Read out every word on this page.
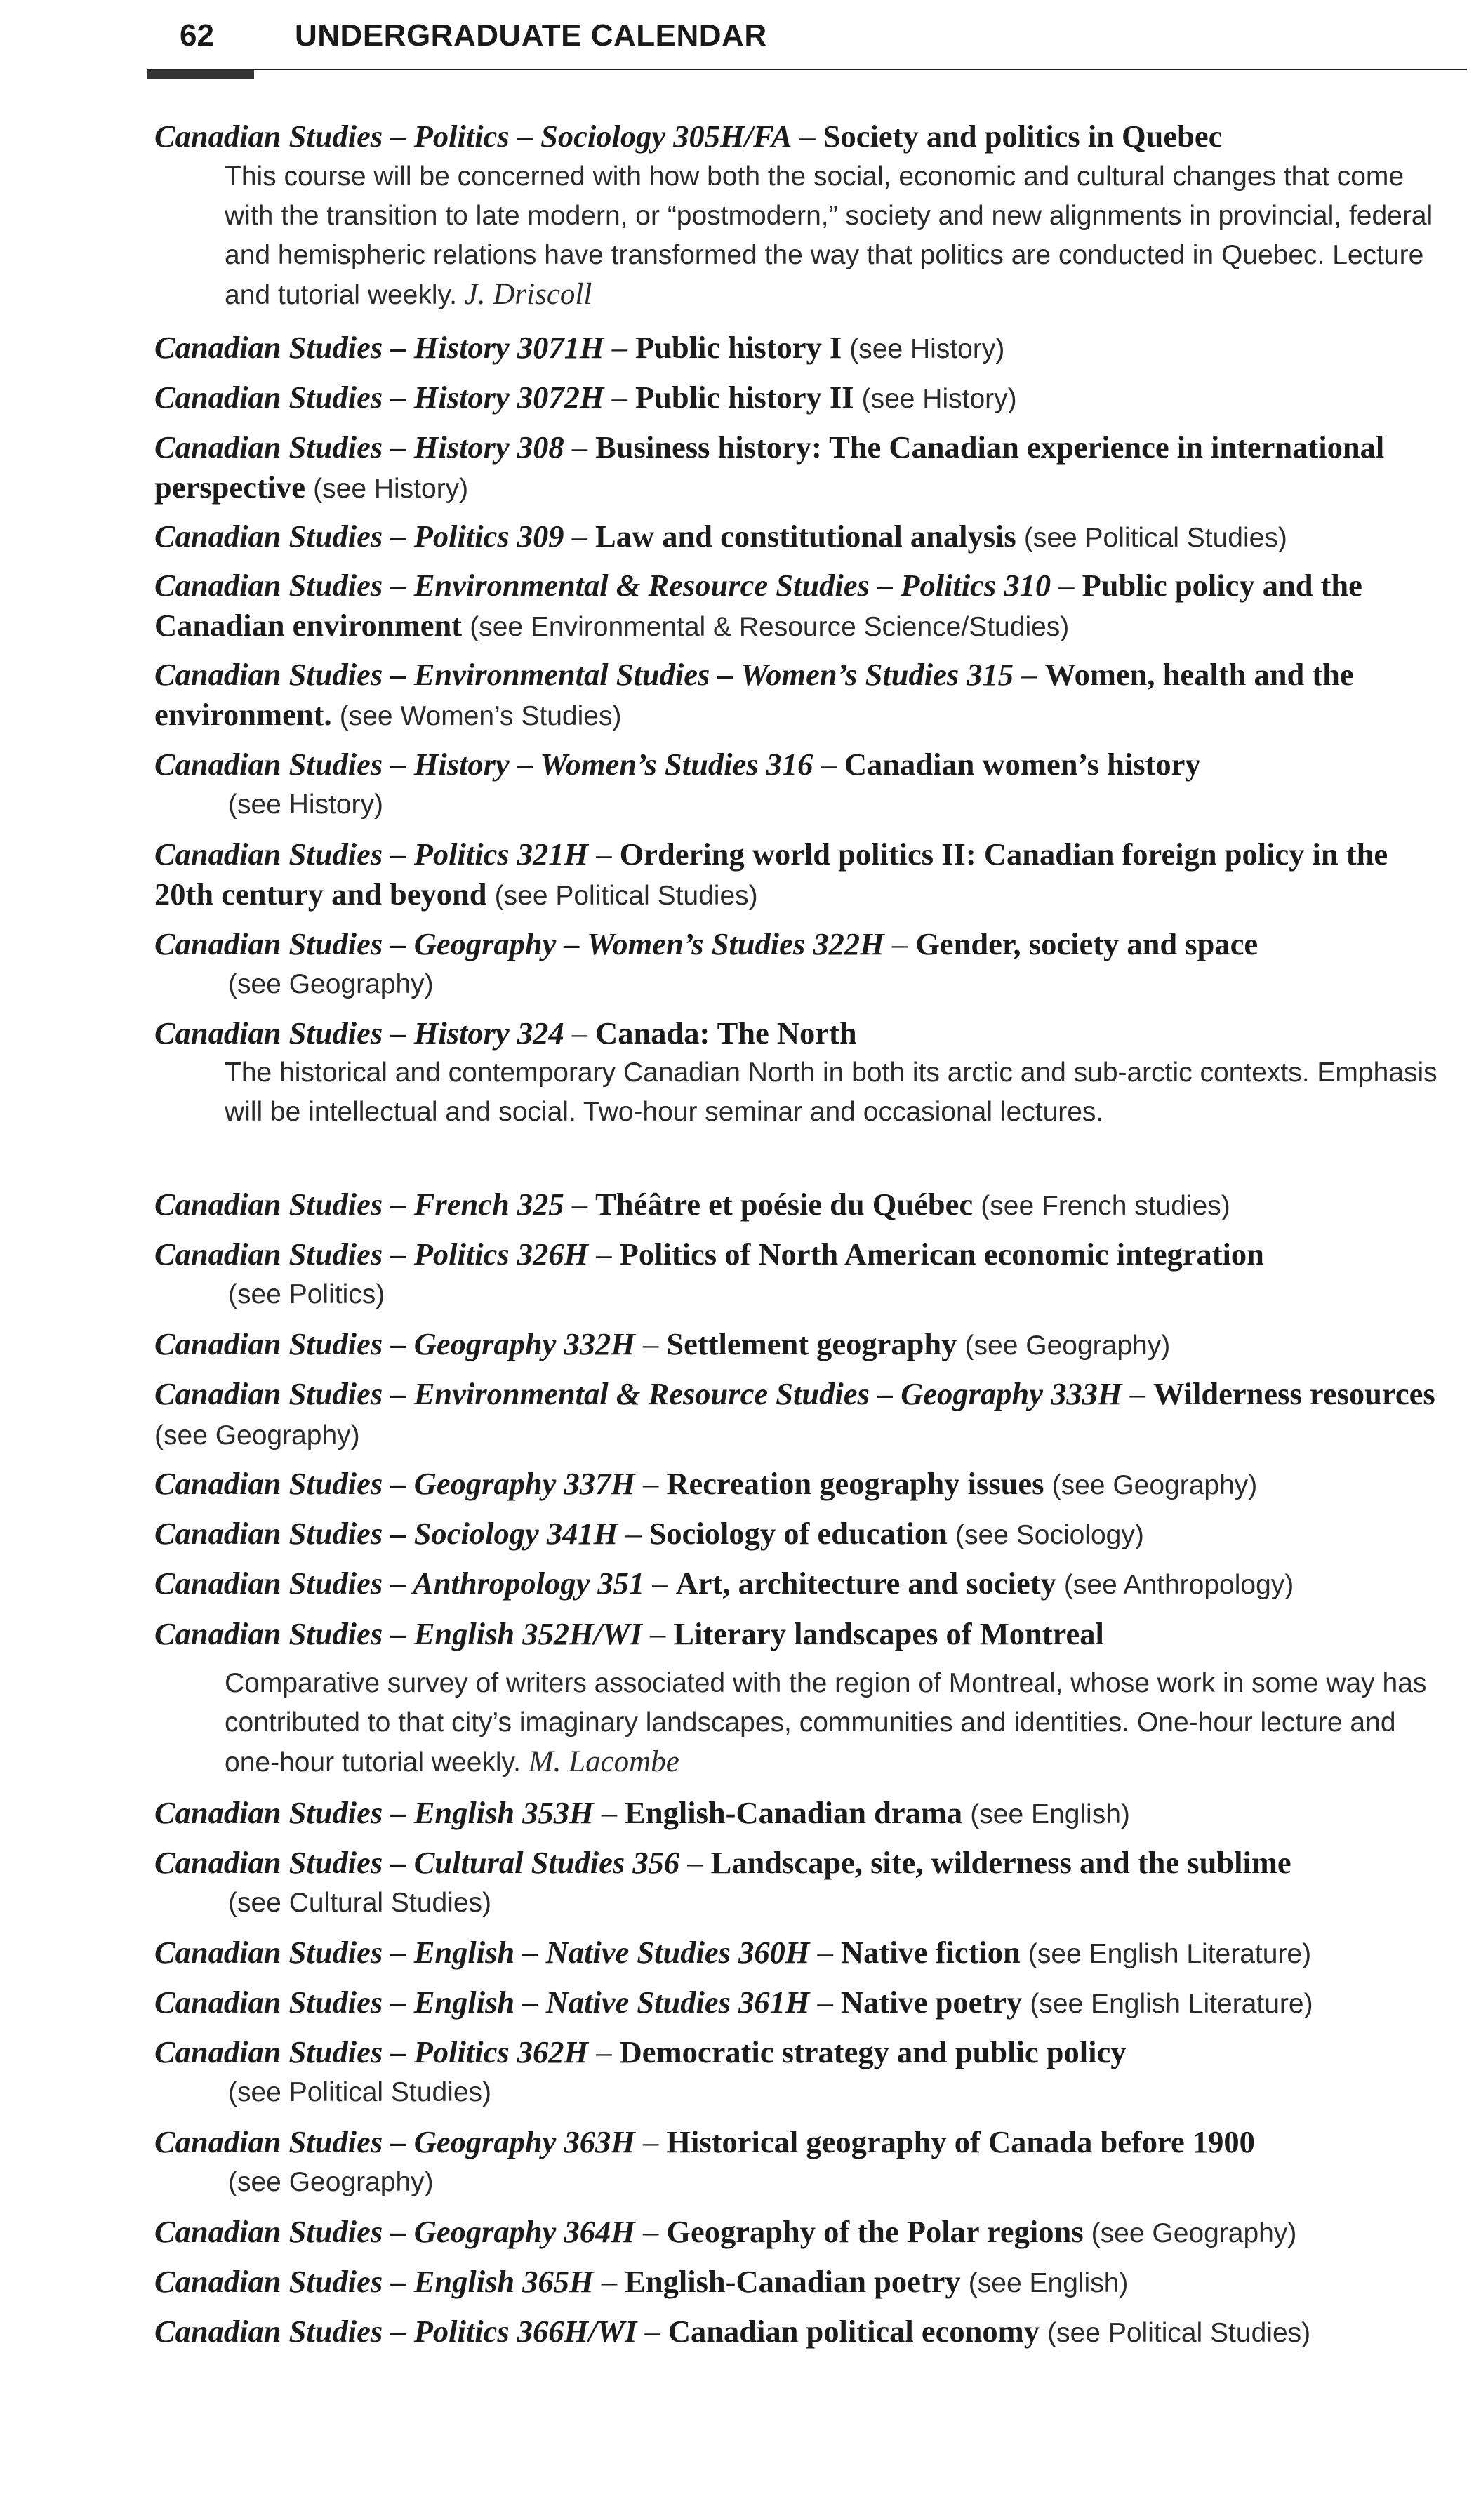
62	UNDERGRADUATE CALENDAR

Canadian Studies – Politics – Sociology 305H/FA – Society and politics in Quebec

This course will be concerned with how both the social, economic and cultural changes that come with the transition to late modern, or “postmodern,” society and new alignments in provincial, federal and hemispheric relations have transformed the way that politics are conducted in Quebec. Lecture and tutorial weekly. J. Driscoll

Canadian Studies – History 3071H – Public history I (see History)

Canadian Studies – History 3072H – Public history II (see History)

Canadian Studies – History 308 – Business history: The Canadian experience in international perspective (see History)

Canadian Studies – Politics 309 – Law and constitutional analysis (see Political Studies)

Canadian Studies – Environmental & Resource Studies – Politics 310 – Public policy and the Canadian environment (see Environmental & Resource Science/Studies)

Canadian Studies – Environmental Studies – Women’s Studies 315 – Women, health and the environment. (see Women’s Studies)

Canadian Studies – History – Women’s Studies 316 – Canadian women’s history
(see History)

Canadian Studies – Politics 321H – Ordering world politics II: Canadian foreign policy in the 20th century and beyond (see Political Studies)

Canadian Studies – Geography – Women’s Studies 322H – Gender, society and space
(see Geography)

Canadian Studies – History 324 – Canada: The North

The historical and contemporary Canadian North in both its arctic and sub-arctic contexts. Emphasis will be intellectual and social. Two-hour seminar and occasional lectures.

Canadian Studies – French 325 – Théâtre et poésie du Québec (see French studies)

Canadian Studies – Politics 326H – Politics of North American economic integration
(see Politics)

Canadian Studies – Geography 332H – Settlement geography (see Geography)

Canadian Studies – Environmental & Resource Studies – Geography 333H – Wilderness resources (see Geography)

Canadian Studies – Geography 337H – Recreation geography issues (see Geography)

Canadian Studies – Sociology 341H – Sociology of education (see Sociology)

Canadian Studies – Anthropology 351 – Art, architecture and society (see Anthropology)

Canadian Studies – English 352H/WI – Literary landscapes of Montreal

Comparative survey of writers associated with the region of Montreal, whose work in some way has contributed to that city’s imaginary landscapes, communities and identities. One-hour lecture and one-hour tutorial weekly. M. Lacombe

Canadian Studies – English 353H – English-Canadian drama (see English)

Canadian Studies – Cultural Studies 356 – Landscape, site, wilderness and the sublime
(see Cultural Studies)

Canadian Studies – English – Native Studies 360H – Native fiction (see English Literature)

Canadian Studies – English – Native Studies 361H – Native poetry (see English Literature)

Canadian Studies – Politics 362H – Democratic strategy and public policy
(see Political Studies)

Canadian Studies – Geography 363H – Historical geography of Canada before 1900
(see Geography)

Canadian Studies – Geography 364H – Geography of the Polar regions (see Geography)

Canadian Studies – English 365H – English-Canadian poetry (see English)

Canadian Studies – Politics 366H/WI – Canadian political economy (see Political Studies)
